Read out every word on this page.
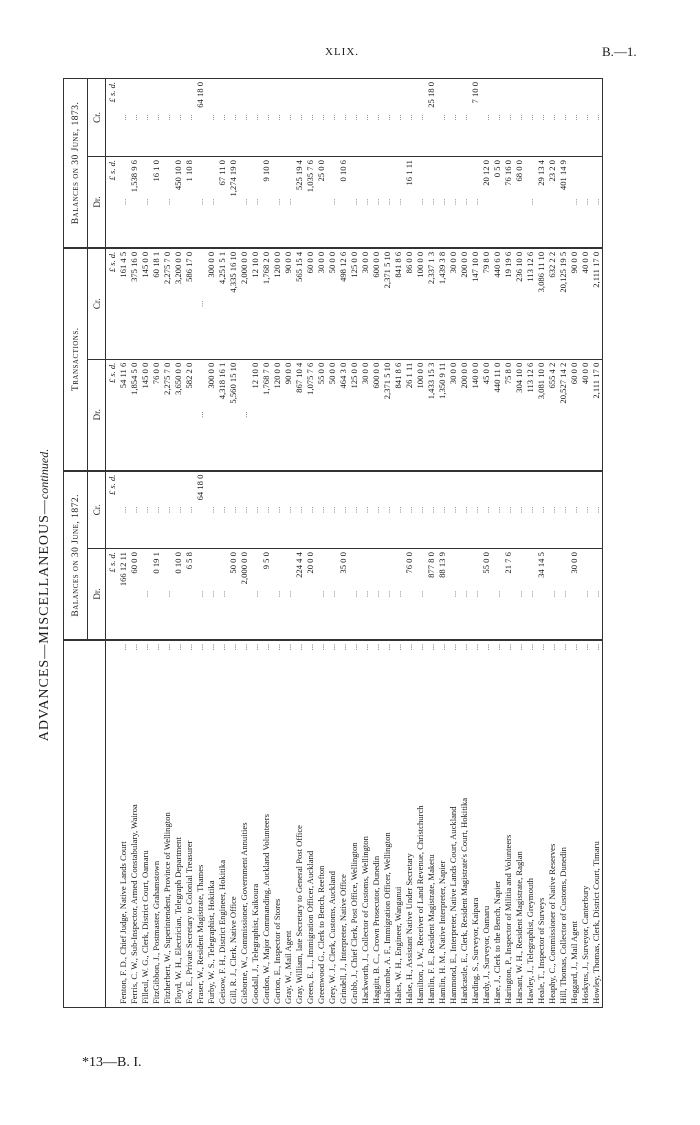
XLIX.	B.—1.
ADVANCES—MISCELLANEOUS—continued.
	Balances on 30 June, 1872.		Transactions.		Balances on 30 June, 1873.	
	Dr.	Cr.	Dr.	Cr.	Dr.	Cr.
	£ s. d.	£ s. d.	£ s. d.	£ s. d.	£ s. d.	£ s. d.

...
Fenton, F. D., Chief Judge, Native Lands Court	166 12 11	...	54 11 6	161 4 5	...	...

...
Ferris, C. W., Sub-Inspector, Armed Constabulary, Wairoa	60 0 0	...	1,854 5 0	375 16 0	1,538 9 6	...

...
Filleul, W. G., Clerk, District Court, Oamaru	...	...	145 0 0	145 0 0	...	...

...
FitzGibbon, J., Postmaster, Grahamstown	0 19 1	...	76 0 0	60 18 1	16 1 0	...

...
Fitzherbert, W., Superintendent, Province of Wellington	...	...	2,275 7 0	2,275 7 0	...	...

...
Floyd, W. H., Electrician, Telegraph Department	0 10 0	...	3,650 0 0	3,200 0 0	450 10 0	...

...
Fox, E., Private Secretary to Colonial Treasurer	6 5 8	...	582 2 0	586 17 0	1 10 8	...

...
Fraser, W., Resident Magistrate, Thames	...	64 18 0	...	...	...	64 18 0

...
Furby, W. S., Telegraphist, Hokitika	...	...	300 0 0	300 0 0	...	...

...
Geisow, F. H., District Engineer, Hokitika	...	...	4,318 16 1	4,251 5 1	67 11 0	...

...
Gill, R. J., Clerk, Native Office	50 0 0	...	5,560 15 10	4,335 16 10	1,274 19 0	...

...
Gisborne, W., Commissioner, Government Annuities	2,000 0 0	...	...	2,000 0 0	...	...

...
Goodall, J., Telegraphist, Kaikoura	...	...	12 10 0	12 10 0	...	...

...
Gordon, W., Major Commanding, Auckland Volunteers	9 5 0	...	1,768 7 0	1,768 2 0	9 10 0	...

...
Gorton, E., Inspector of Stores	...	...	120 0 0	120 0 0	...	...

...
Gray, W., Mail Agent	...	...	90 0 0	90 0 0	...	...

...
Gray, William, late Secretary to General Post Office	224 4 4	...	867 10 4	565 15 4	525 19 4	...

...
Green, E. L., Immigration Officer, Auckland	20 0 0	...	1,075 7 6	60 0 0	1,035 7 6	...

...
Greenwood G., Clerk to Bench, Reefton	...	...	55 0 0	30 0 0	25 0 0	...

...
Grey, W. J., Clerk, Customs, Auckland	...	...	50 0 0	50 0 0	...	...

...
Grindell, J., Interpreter, Native Office	35 0 0	...	464 3 0	498 12 6	0 10 6	...

...
Grubb, J., Chief Clerk, Post Office, Wellington	...	...	125 0 0	125 0 0	...	...

...
Hackworth, J., Collector of Customs, Wellington	...	...	30 0 0	30 0 0	...	...

...
Haggitt, B. C., Crown Prosecutor, Dunedin	...	...	600 0 0	600 0 0	...	...

...
Halcombe, A. F., Immigration Officer, Wellington	...	...	2,371 5 10	2,371 5 10	...	...

...
Hales, W. H., Engineer, Wanganui	...	...	841 8 6	841 8 6	...	...

...
Halse, H., Assistant Native Under Secretary	76 0 0	...	26 1 11	86 0 0	16 1 11	...

...
Hamilton, J. W., Receiver of Land Revenue, Christchurch	...	...	100 0 0	100 0 0	...	...

...
Hamlin, F. E., Resident Magistrate, Maketu	877 8 0	...	1,433 15 3	2,337 1 3	...	25 18 0

...
Hamlin, H. M., Native Interpreter, Napier	88 13 9	...	1,350 9 11	1,439 3 8	...	...

...
Hammond, E., Interpreter, Native Lands Court, Auckland	...	...	30 0 0	30 0 0	...	...

...
Hardcastle, E., Clerk, Resident Magistrate's Court, Hokitika	...	...	200 0 0	200 0 0	...	...

...
Harding, S., Surveyor, Kaipara	...	...	140 0 0	147 10 0	...	7 10 0

...
Hardy, J., Surveyor, Oamaru	55 0 0	...	45 0 0	79 8 0	20 12 0	...

...
Hare, J., Clerk to the Bench, Napier	...	...	440 11 0	440 6 0	0 5 0	...

...
Harington, P., Inspector of Militia and Volunteers	21 7 6	...	75 8 0	19 19 6	76 16 0	...

...
Harsant, W. H., Resident Magistrate, Raglan	...	...	304 10 0	236 10 0	68 0 0	...

...
Hawley, J., Telegraphist, Greymouth	...	...	113 12 6	113 12 6	...	...

...
Heale, T., Inspector of Surveys	34 14 5	...	3,081 10 0	3,086 11 10	29 13 4	...

...
Heaphy, C., Commissioner of Native Reserves	...	...	655 4 2	632 2 2	23 2 0	...

...
Hill, Thomas, Collector of Customs, Dunedin	...	...	20,527 14 2	20,125 19 5	401 14 9	...

...
Hoggard, J., Mail Agent	30 0 0	...	60 0 0	90 0 0	...	...

...
Hoskyns, J., Surveyor, Canterbury	...	...	40 0 0	40 0 0	...	...

...
Howley, Thomas, Clerk, District Court, Timaru	...	...	2,111 17 0	2,111 17 0	...	...
*13—B. I.
